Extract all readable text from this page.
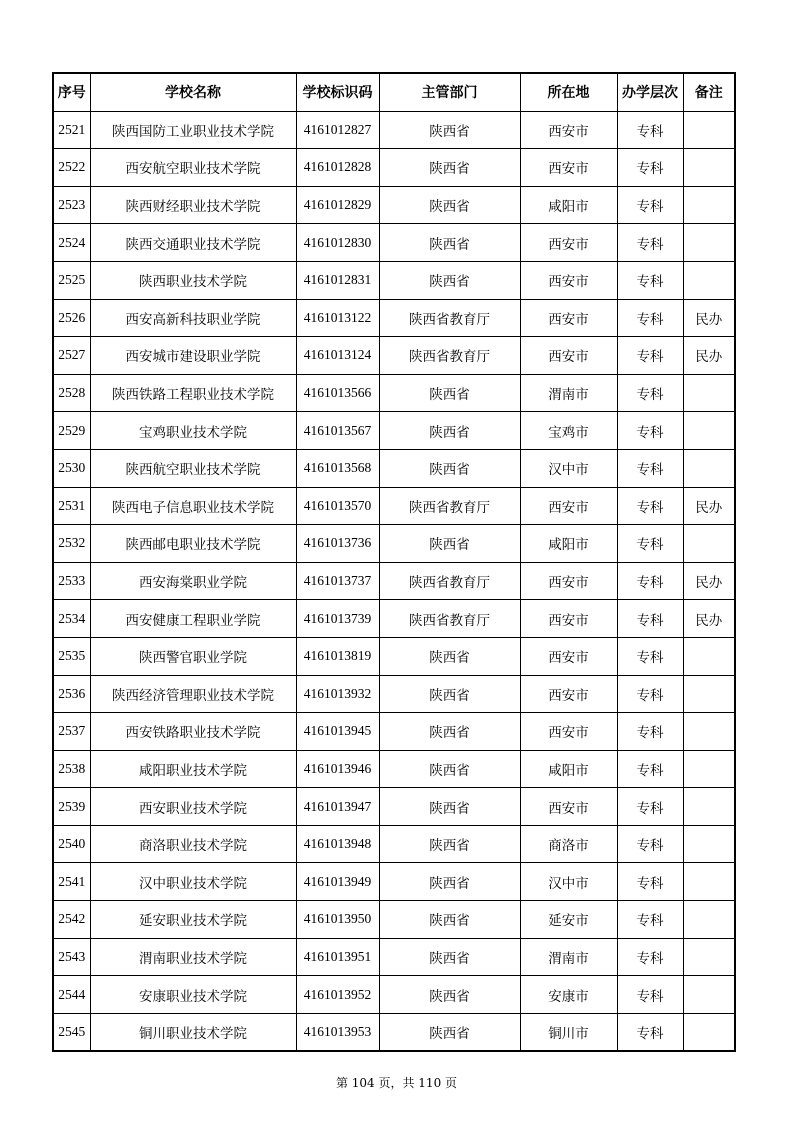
序号	学校名称	学校标识码	主管部门	所在地	办学层次	备注
2521	陕西国防工业职业技术学院	4161012827	陕西省	西安市	专科	
2522	西安航空职业技术学院	4161012828	陕西省	西安市	专科	
2523	陕西财经职业技术学院	4161012829	陕西省	咸阳市	专科	
2524	陕西交通职业技术学院	4161012830	陕西省	西安市	专科	
2525	陕西职业技术学院	4161012831	陕西省	西安市	专科	
2526	西安高新科技职业学院	4161013122	陕西省教育厅	西安市	专科	民办
2527	西安城市建设职业学院	4161013124	陕西省教育厅	西安市	专科	民办
2528	陕西铁路工程职业技术学院	4161013566	陕西省	渭南市	专科	
2529	宝鸡职业技术学院	4161013567	陕西省	宝鸡市	专科	
2530	陕西航空职业技术学院	4161013568	陕西省	汉中市	专科	
2531	陕西电子信息职业技术学院	4161013570	陕西省教育厅	西安市	专科	民办
2532	陕西邮电职业技术学院	4161013736	陕西省	咸阳市	专科	
2533	西安海棠职业学院	4161013737	陕西省教育厅	西安市	专科	民办
2534	西安健康工程职业学院	4161013739	陕西省教育厅	西安市	专科	民办
2535	陕西警官职业学院	4161013819	陕西省	西安市	专科	
2536	陕西经济管理职业技术学院	4161013932	陕西省	西安市	专科	
2537	西安铁路职业技术学院	4161013945	陕西省	西安市	专科	
2538	咸阳职业技术学院	4161013946	陕西省	咸阳市	专科	
2539	西安职业技术学院	4161013947	陕西省	西安市	专科	
2540	商洛职业技术学院	4161013948	陕西省	商洛市	专科	
2541	汉中职业技术学院	4161013949	陕西省	汉中市	专科	
2542	延安职业技术学院	4161013950	陕西省	延安市	专科	
2543	渭南职业技术学院	4161013951	陕西省	渭南市	专科	
2544	安康职业技术学院	4161013952	陕西省	安康市	专科	
2545	铜川职业技术学院	4161013953	陕西省	铜川市	专科	
第 104 页，共 110 页
